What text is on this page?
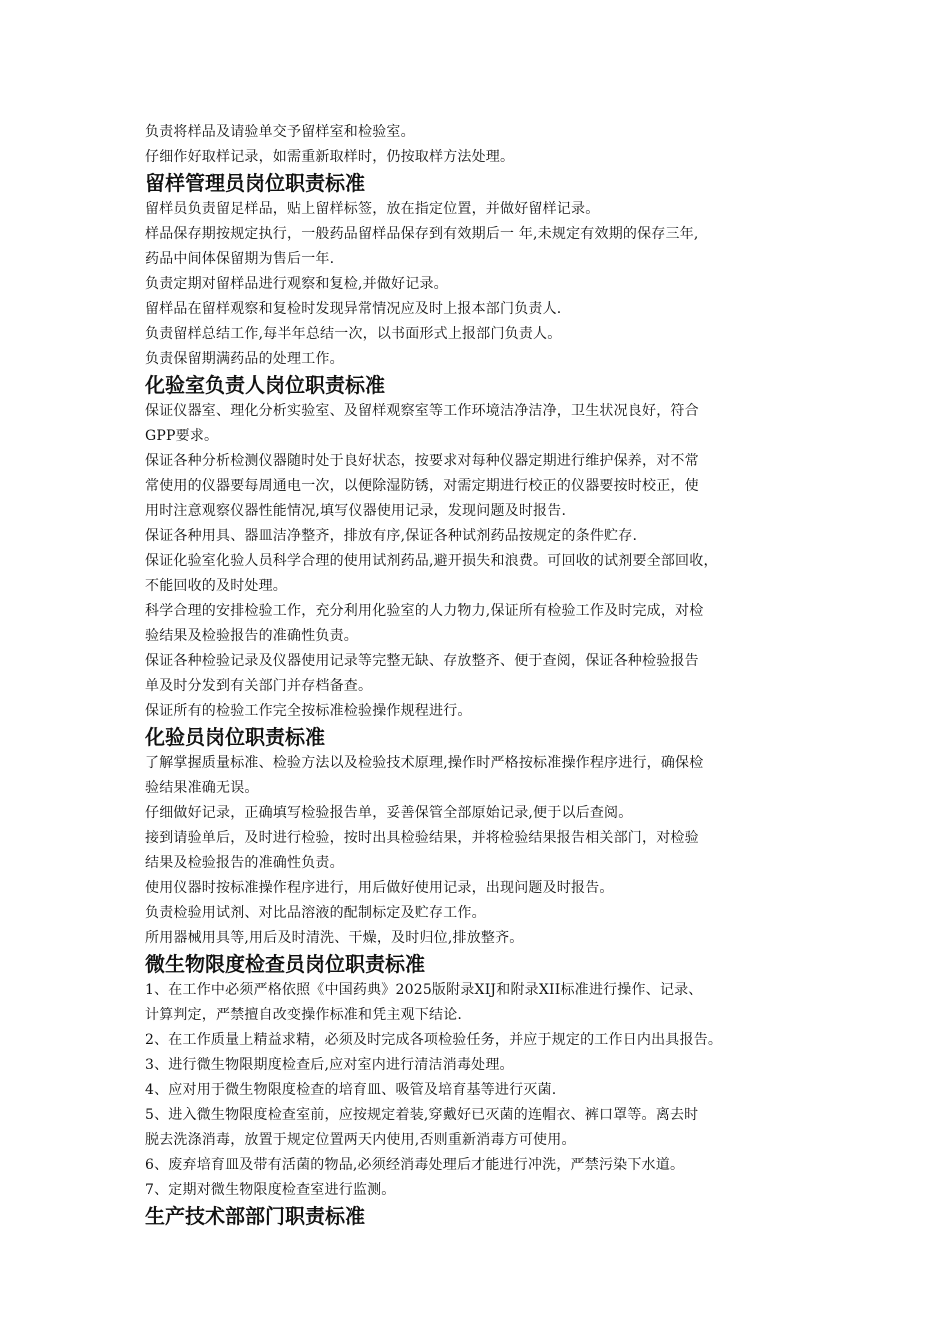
负责将样品及请验单交予留样室和检验室。
仔细作好取样记录，如需重新取样时，仍按取样方法处理。
留样管理员岗位职责标准
留样员负责留足样品，贴上留样标签，放在指定位置，并做好留样记录。
样品保存期按规定执行，一般药品留样品保存到有效期后一 年,未规定有效期的保存三年,
药品中间体保留期为售后一年.
负责定期对留样品进行观察和复检,并做好记录。
留样品在留样观察和复检时发现异常情况应及时上报本部门负责人.
负责留样总结工作,每半年总结一次，以书面形式上报部门负责人。
负责保留期满药品的处理工作。
化验室负责人岗位职责标准
保证仪器室、理化分析实验室、及留样观察室等工作环境洁净洁净，卫生状况良好，符合
GPP要求。
保证各种分析检测仪器随时处于良好状态，按要求对每种仪器定期进行维护保养，对不常
常使用的仪器要每周通电一次，以便除湿防锈，对需定期进行校正的仪器要按时校正，使
用时注意观察仪器性能情况,填写仪器使用记录，发现问题及时报告.
保证各种用具、器皿洁净整齐，排放有序,保证各种试剂药品按规定的条件贮存.
保证化验室化验人员科学合理的使用试剂药品,避开损失和浪费。可回收的试剂要全部回收，
不能回收的及时处理。
科学合理的安排检验工作，充分利用化验室的人力物力,保证所有检验工作及时完成，对检
验结果及检验报告的准确性负责。
保证各种检验记录及仪器使用记录等完整无缺、存放整齐、便于查阅，保证各种检验报告
单及时分发到有关部门并存档备查。
保证所有的检验工作完全按标准检验操作规程进行。
化验员岗位职责标准
了解掌握质量标准、检验方法以及检验技术原理,操作时严格按标准操作程序进行，确保检
验结果准确无误。
仔细做好记录，正确填写检验报告单，妥善保管全部原始记录,便于以后查阅。
接到请验单后，及时进行检验，按时出具检验结果，并将检验结果报告相关部门，对检验
结果及检验报告的准确性负责。
使用仪器时按标准操作程序进行，用后做好使用记录，出现问题及时报告。
负责检验用试剂、对比品溶液的配制标定及贮存工作。
所用器械用具等,用后及时清洗、干燥，及时归位,排放整齐。
微生物限度检查员岗位职责标准
1、在工作中必须严格依照《中国药典》2025版附录XIJ和附录XII标准进行操作、记录、
计算判定，严禁擅自改变操作标准和凭主观下结论.
2、在工作质量上精益求精，必须及时完成各项检验任务，并应于规定的工作日内出具报告。
3、进行微生物限期度检查后,应对室内进行清洁消毒处理。
4、应对用于微生物限度检查的培育皿、吸管及培育基等进行灭菌.
5、进入微生物限度检查室前，应按规定着装,穿戴好已灭菌的连帽衣、裤口罩等。离去时
脱去洗涤消毒，放置于规定位置两天内使用,否则重新消毒方可使用。
6、废弃培育皿及带有活菌的物品,必须经消毒处理后才能进行冲洗，严禁污染下水道。
7、定期对微生物限度检查室进行监测。
生产技术部部门职责标准
